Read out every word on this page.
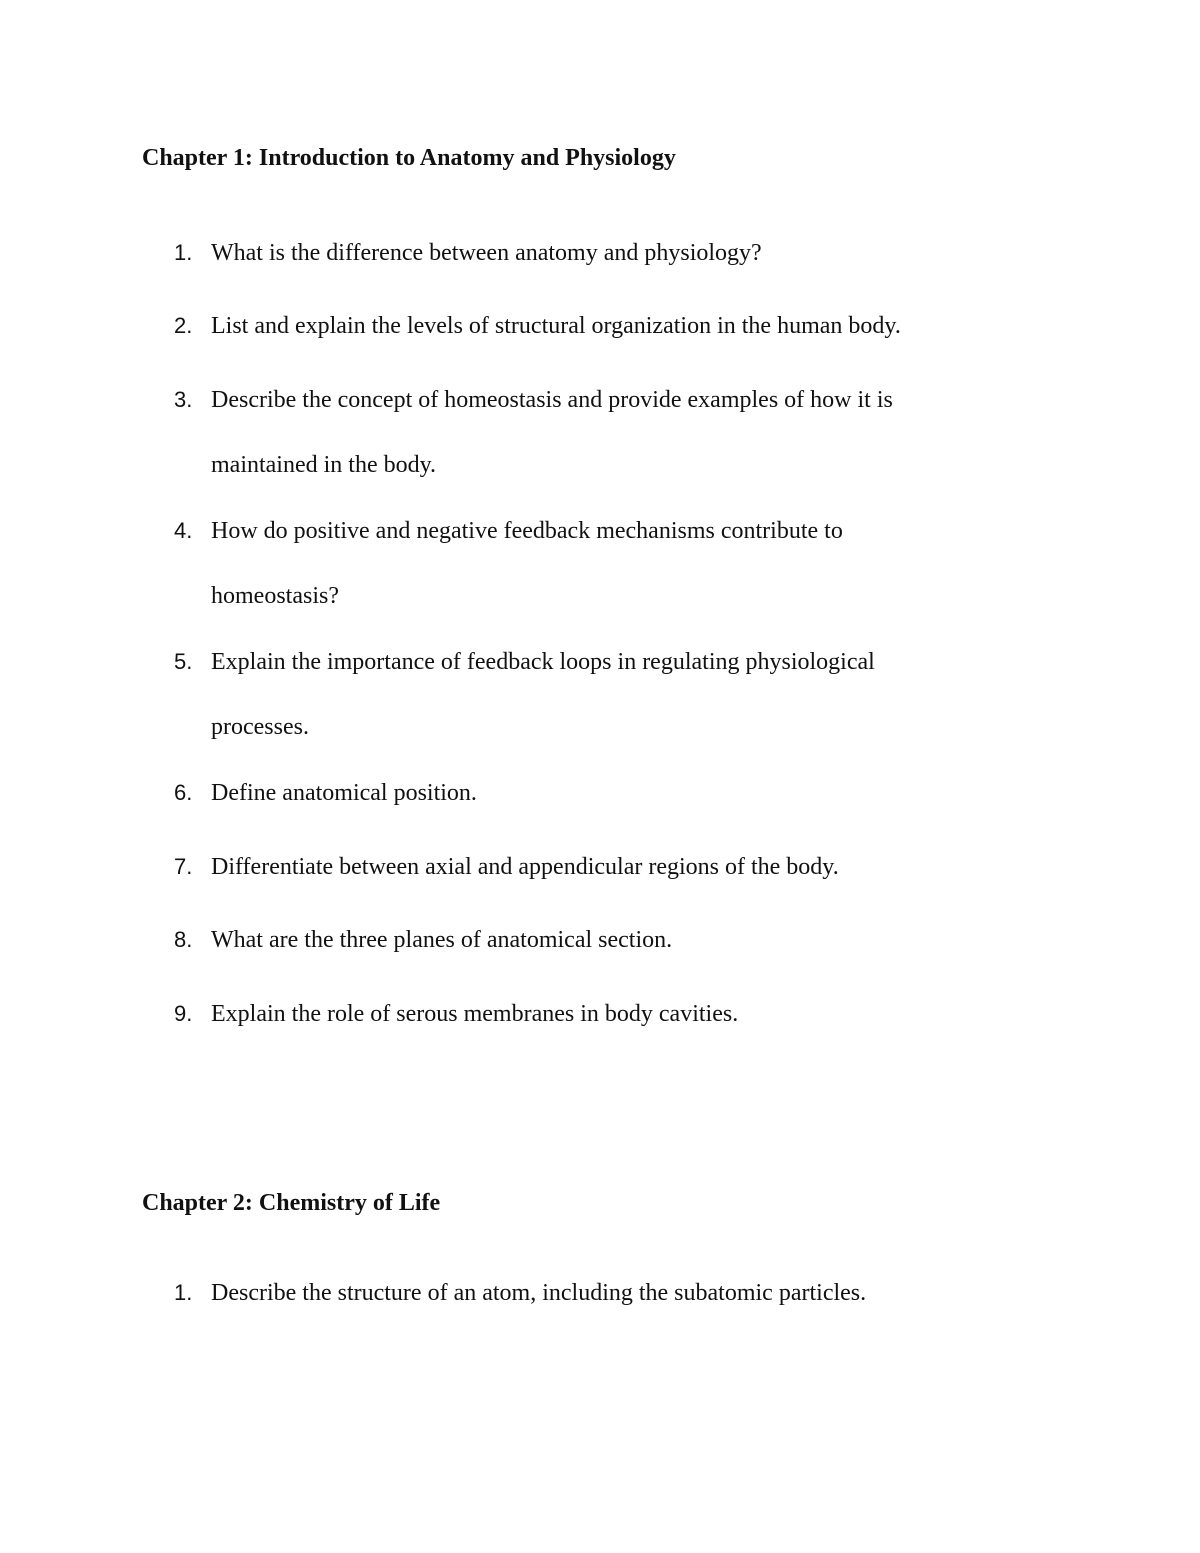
Chapter 1: Introduction to Anatomy and Physiology
1. What is the difference between anatomy and physiology?
2. List and explain the levels of structural organization in the human body.
3. Describe the concept of homeostasis and provide examples of how it is
maintained in the body.
4. How do positive and negative feedback mechanisms contribute to
homeostasis?
5. Explain the importance of feedback loops in regulating physiological
processes.
6. Define anatomical position.
7. Differentiate between axial and appendicular regions of the body.
8. What are the three planes of anatomical section.
9. Explain the role of serous membranes in body cavities.
Chapter 2: Chemistry of Life
1. Describe the structure of an atom, including the subatomic particles.
